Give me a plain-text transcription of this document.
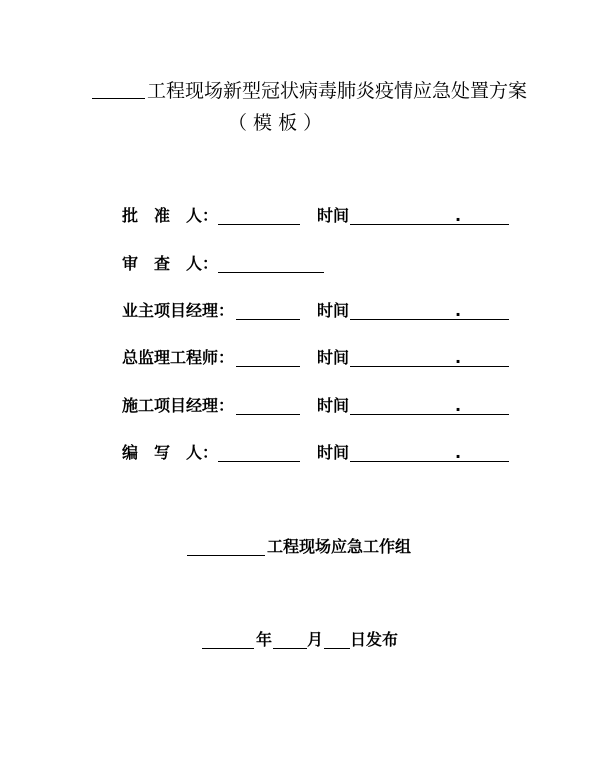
工程现场新型冠状病毒肺炎疫情应急处置方案
（ 模 板 ）
批　准　人：	时间	.
审　查　人：
业主项目经理：	时间	.
总监理工程师：	时间	.
施工项目经理：	时间	.
编　写　人：	时间	.
工程现场应急工作组
年 月 日发布
